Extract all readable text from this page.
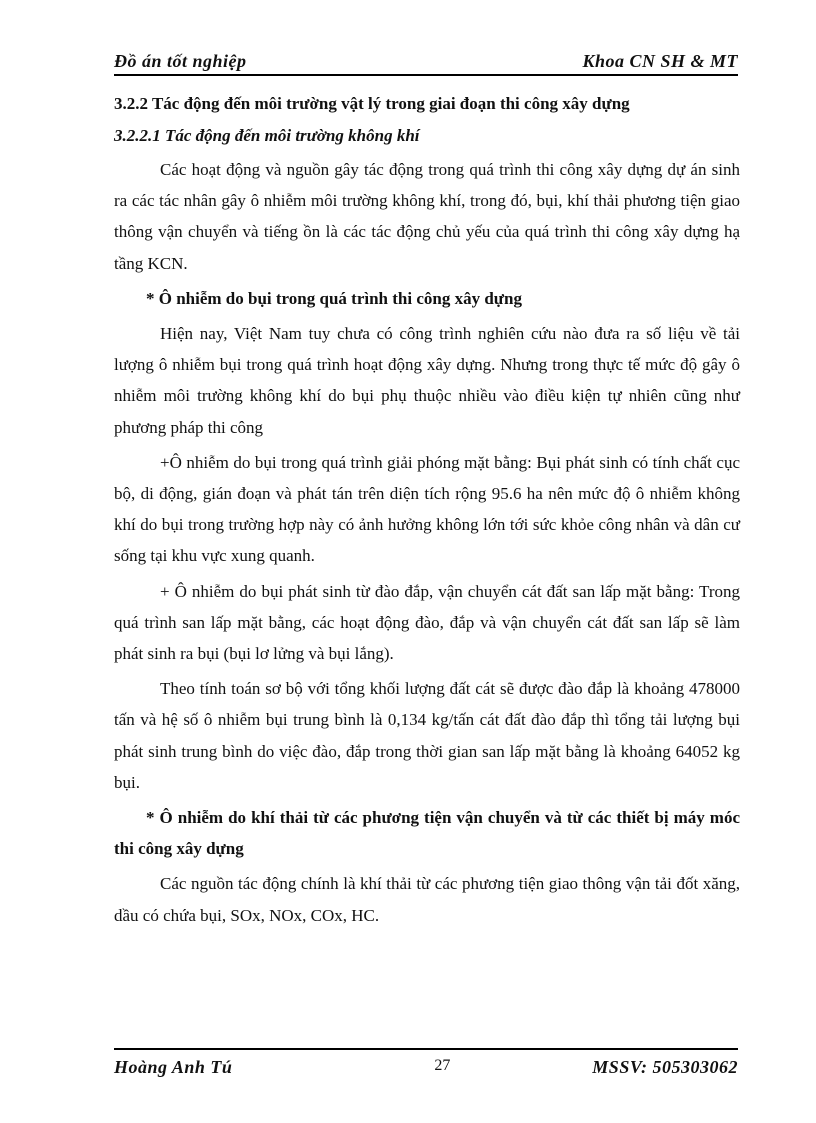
Đồ án tốt nghiệp	Khoa CN SH & MT
3.2.2 Tác động đến môi trường vật lý trong giai đoạn thi công xây dựng
3.2.2.1 Tác động đến môi trường không khí

Các hoạt động và nguồn gây tác động trong quá trình thi công xây dựng dự án sinh ra các tác nhân gây ô nhiễm môi trường không khí, trong đó, bụi, khí thải phương tiện giao thông vận chuyển và tiếng ồn là các tác động chủ yếu của quá trình thi công xây dựng hạ tầng KCN.

* Ô nhiễm do bụi trong quá trình thi công xây dựng

Hiện nay, Việt Nam tuy chưa có công trình nghiên cứu nào đưa ra số liệu về tải lượng ô nhiễm bụi trong quá trình hoạt động xây dựng. Nhưng trong thực tế mức độ gây ô nhiễm môi trường không khí do bụi phụ thuộc nhiều vào điều kiện tự nhiên cũng như phương pháp thi công

+Ô nhiễm do bụi trong quá trình giải phóng mặt bằng: Bụi phát sinh có tính chất cục bộ, di động, gián đoạn và phát tán trên diện tích rộng 95.6 ha nên mức độ ô nhiễm không khí do bụi trong trường hợp này có ảnh hưởng không lớn tới sức khỏe công nhân và dân cư sống tại khu vực xung quanh.

+ Ô nhiễm do bụi phát sinh từ đào đắp, vận chuyển cát đất san lấp mặt bằng: Trong quá trình san lấp mặt bằng, các hoạt động đào, đắp và vận chuyển cát đất san lấp sẽ làm phát sinh ra bụi (bụi lơ lửng và bụi lắng).

Theo tính toán sơ bộ với tổng khối lượng đất cát sẽ được đào đắp là khoảng 478000 tấn và hệ số ô nhiễm bụi trung bình là 0,134 kg/tấn cát đất đào đắp thì tổng tải lượng bụi phát sinh trung bình do việc đào, đắp trong thời gian san lấp mặt bằng là khoảng 64052 kg bụi.

* Ô nhiễm do khí thải từ các phương tiện vận chuyển và từ các thiết bị máy móc thi công xây dựng

Các nguồn tác động chính là khí thải từ các phương tiện giao thông vận tải đốt xăng, dầu có chứa bụi, SOx, NOx, COx, HC.

Hoàng Anh Tú	27	MSSV: 505303062
